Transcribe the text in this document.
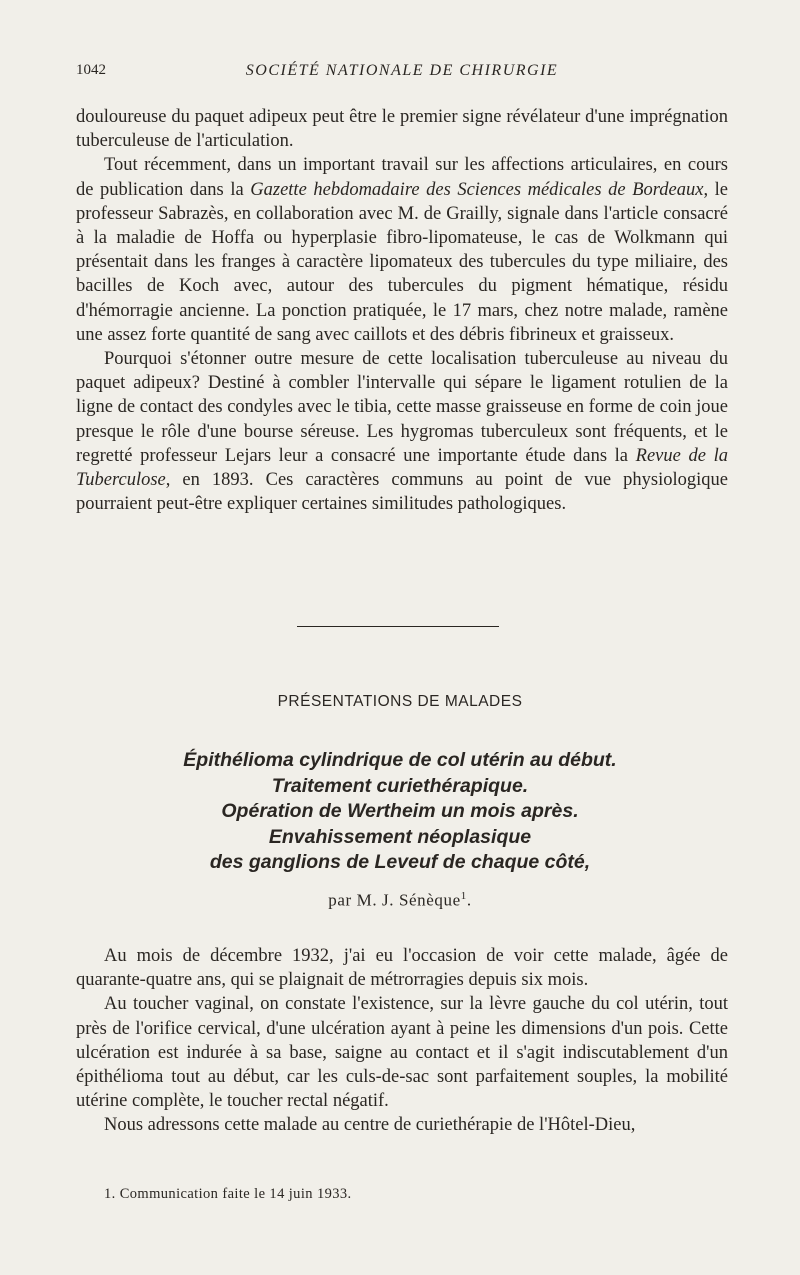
1042	SOCIÉTÉ NATIONALE DE CHIRURGIE

douloureuse du paquet adipeux peut être le premier signe révélateur d'une imprégnation tuberculeuse de l'articulation.

Tout récemment, dans un important travail sur les affections articulaires, en cours de publication dans la Gazette hebdomadaire des Sciences médicales de Bordeaux, le professeur Sabrazès, en collaboration avec M. de Grailly, signale dans l'article consacré à la maladie de Hoffa ou hyperplasie fibro-lipomateuse, le cas de Wolkmann qui présentait dans les franges à caractère lipomateux des tubercules du type miliaire, des bacilles de Koch avec, autour des tubercules du pigment hématique, résidu d'hémorragie ancienne. La ponction pratiquée, le 17 mars, chez notre malade, ramène une assez forte quantité de sang avec caillots et des débris fibrineux et graisseux.

Pourquoi s'étonner outre mesure de cette localisation tuberculeuse au niveau du paquet adipeux? Destiné à combler l'intervalle qui sépare le ligament rotulien de la ligne de contact des condyles avec le tibia, cette masse graisseuse en forme de coin joue presque le rôle d'une bourse séreuse. Les hygromas tuberculeux sont fréquents, et le regretté professeur Lejars leur a consacré une importante étude dans la Revue de la Tuberculose, en 1893. Ces caractères communs au point de vue physiologique pourraient peut-être expliquer certaines similitudes pathologiques.

PRÉSENTATIONS DE MALADES
Épithélioma cylindrique de col utérin au début.
Traitement curiethérapique.
Opération de Wertheim un mois après.
Envahissement néoplasique
des ganglions de Leveuf de chaque côté,
par M. J. Sénèque$^1$.

Au mois de décembre 1932, j'ai eu l'occasion de voir cette malade, âgée de quarante-quatre ans, qui se plaignait de métrorragies depuis six mois.

Au toucher vaginal, on constate l'existence, sur la lèvre gauche du col utérin, tout près de l'orifice cervical, d'une ulcération ayant à peine les dimensions d'un pois. Cette ulcération est indurée à sa base, saigne au contact et il s'agit indiscutablement d'un épithélioma tout au début, car les culs-de-sac sont parfaitement souples, la mobilité utérine complète, le toucher rectal négatif.

Nous adressons cette malade au centre de curiethérapie de l'Hôtel-Dieu,

1. Communication faite le 14 juin 1933.
